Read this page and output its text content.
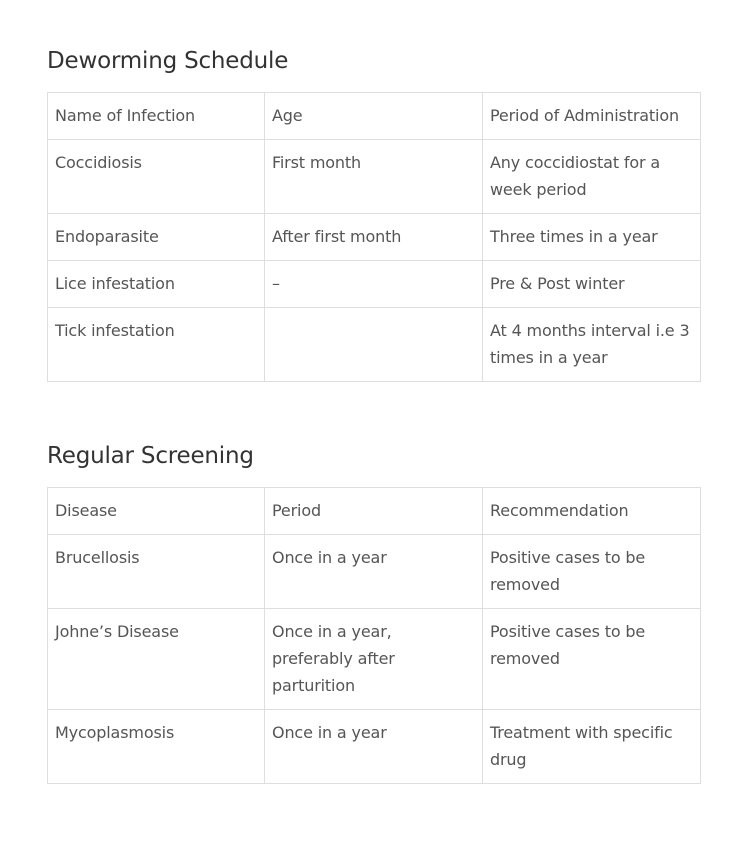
Deworming Schedule
Name of Infection	Age	Period of Administration
Coccidiosis	First month	Any coccidiostat for a week period
Endoparasite	After first month	Three times in a year
Lice infestation	–	Pre & Post winter
Tick infestation		At 4 months interval i.e 3 times in a year
Regular Screening
Disease	Period	Recommendation
Brucellosis	Once in a year	Positive cases to be removed
Johne’s Disease	Once in a year, preferably after parturition	Positive cases to be removed
Mycoplasmosis	Once in a year	Treatment with specific drug
